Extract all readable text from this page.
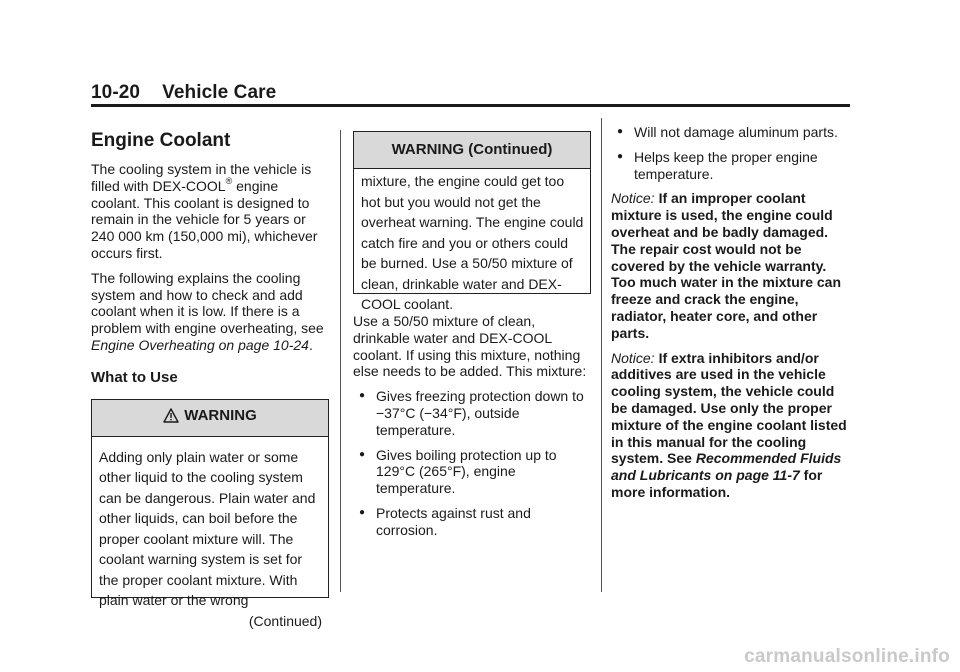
10-20 Vehicle Care
Engine Coolant

The cooling system in the vehicle is filled with DEX-COOL® engine coolant. This coolant is designed to remain in the vehicle for 5 years or 240 000 km (150,000 mi), whichever occurs first.

The following explains the cooling system and how to check and add coolant when it is low. If there is a problem with engine overheating, see Engine Overheating on page 10-24.

What to Use
WARNING
Adding only plain water or some other liquid to the cooling system can be dangerous. Plain water and other liquids, can boil before the proper coolant mixture will. The coolant warning system is set for the proper coolant mixture. With plain water or the wrong
(Continued)
WARNING (Continued)
mixture, the engine could get too hot but you would not get the overheat warning. The engine could catch fire and you or others could be burned. Use a 50/50 mixture of clean, drinkable water and DEX-COOL coolant.

Use a 50/50 mixture of clean, drinkable water and DEX-COOL coolant. If using this mixture, nothing else needs to be added. This mixture:

● Gives freezing protection down to −37°C (−34°F), outside temperature.
● Gives boiling protection up to 129°C (265°F), engine temperature.
● Protects against rust and corrosion.
● Will not damage aluminum parts.
● Helps keep the proper engine temperature.

Notice: If an improper coolant mixture is used, the engine could overheat and be badly damaged. The repair cost would not be covered by the vehicle warranty. Too much water in the mixture can freeze and crack the engine, radiator, heater core, and other parts.

Notice: If extra inhibitors and/or additives are used in the vehicle cooling system, the vehicle could be damaged. Use only the proper mixture of the engine coolant listed in this manual for the cooling system. See Recommended Fluids and Lubricants on page 11-7 for more information.

carmanualsonline.info
